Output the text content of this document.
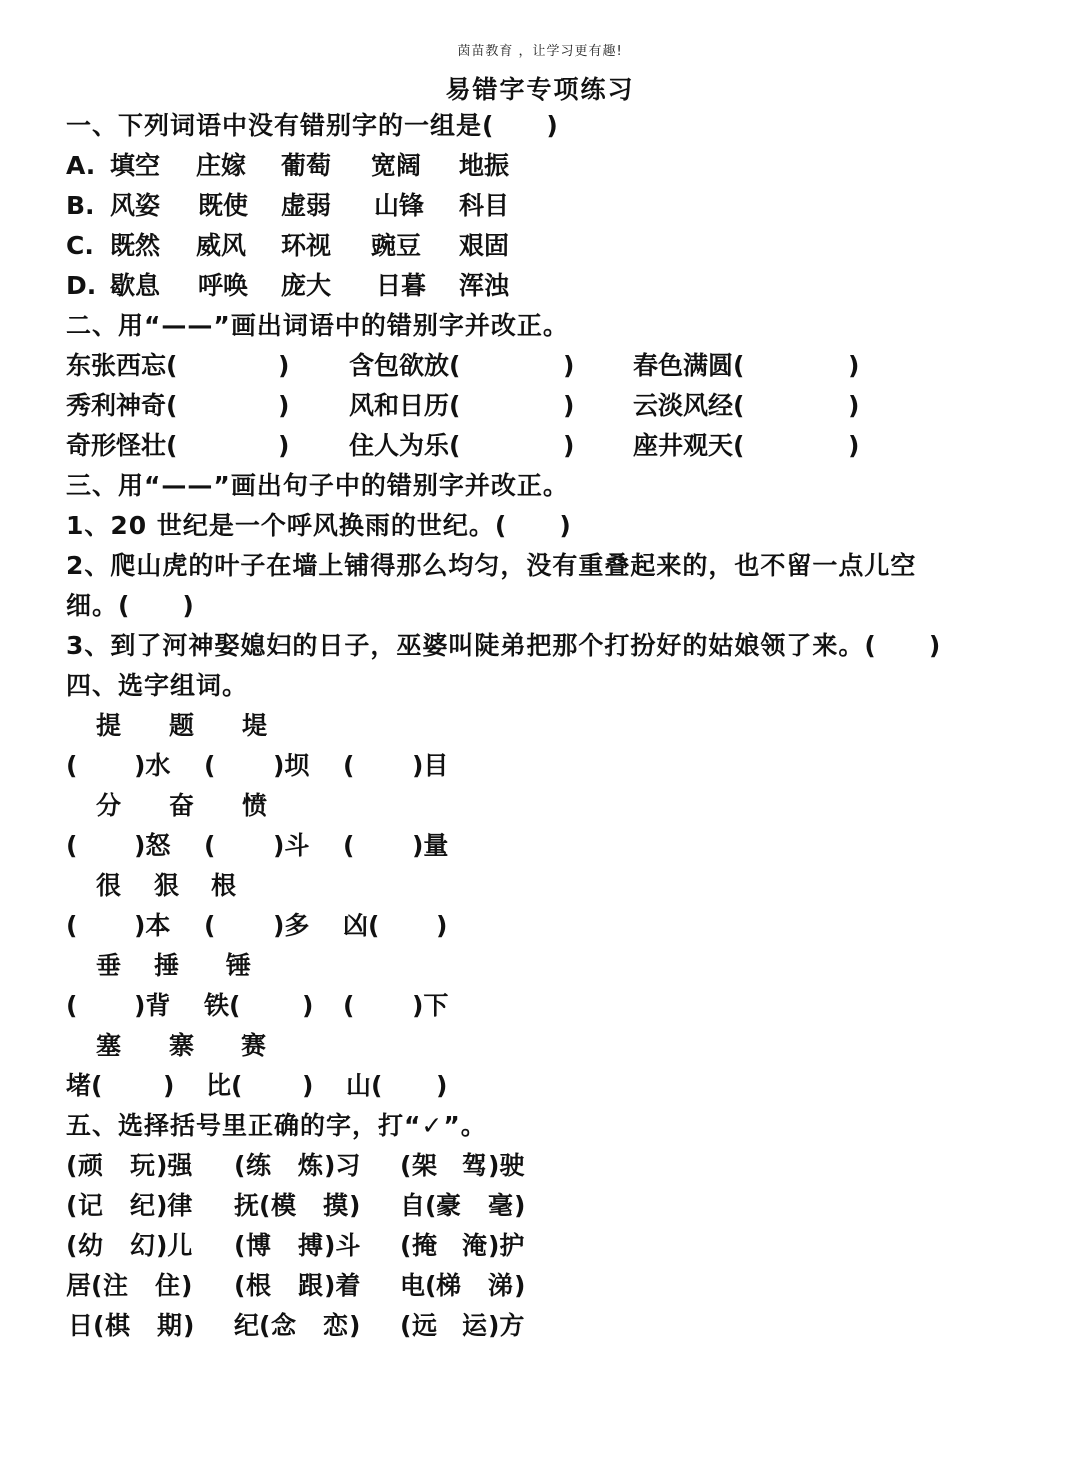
茵苗教育 ，让学习更有趣!
易错字专项练习
一、下列词语中没有错别字的一组是(　　)
A. 填空 庄嫁 葡萄 宽阔 地振
B. 风姿 既使 虚弱 山锋 科目
C. 既然 威风 环视 豌豆 艰固
D. 歇息 呼唤 庞大 日暮 浑浊
二、用“——”画出词语中的错别字并改正。
东张西忘(	) 含包欲放(	) 春色满圆(	)
秀利神奇(	) 风和日历(	) 云淡风经(	)
奇形怪壮(	) 住人为乐(	) 座井观天(	)
三、用“——”画出句子中的错别字并改正。
1、20 世纪是一个呼风换雨的世纪。(　　)
2、爬山虎的叶子在墙上铺得那么均匀，没有重叠起来的，也不留一点儿空
细。(　　)
3、到了河神娶媳妇的日子，巫婆叫陡弟把那个打扮好的姑娘领了来。(　　)
四、选字组词。
提 题 堤
( )水 ( )坝 ( )目
分 奋 愤
( )怒 ( )斗 ( )量
很 狠 根
( )本 ( )多 凶( )
垂 捶 锤
( )背 铁( ) ( )下
塞 寨 赛
堵( ) 比( ) 山( )
五、选择括号里正确的字，打“✓”。
( 顽 玩 )强 ( 练 炼 )习 ( 架 驾 )驶
( 记 纪 )律 抚( 模 摸 ) 自( 豪 毫 )
( 幼 幻 )儿 ( 博 搏 )斗 ( 掩 淹 )护
居( 注 住 ) ( 根 跟 )着 电( 梯 涕 )
日( 棋 期 ) 纪( 念 恋 ) ( 远 运 )方
